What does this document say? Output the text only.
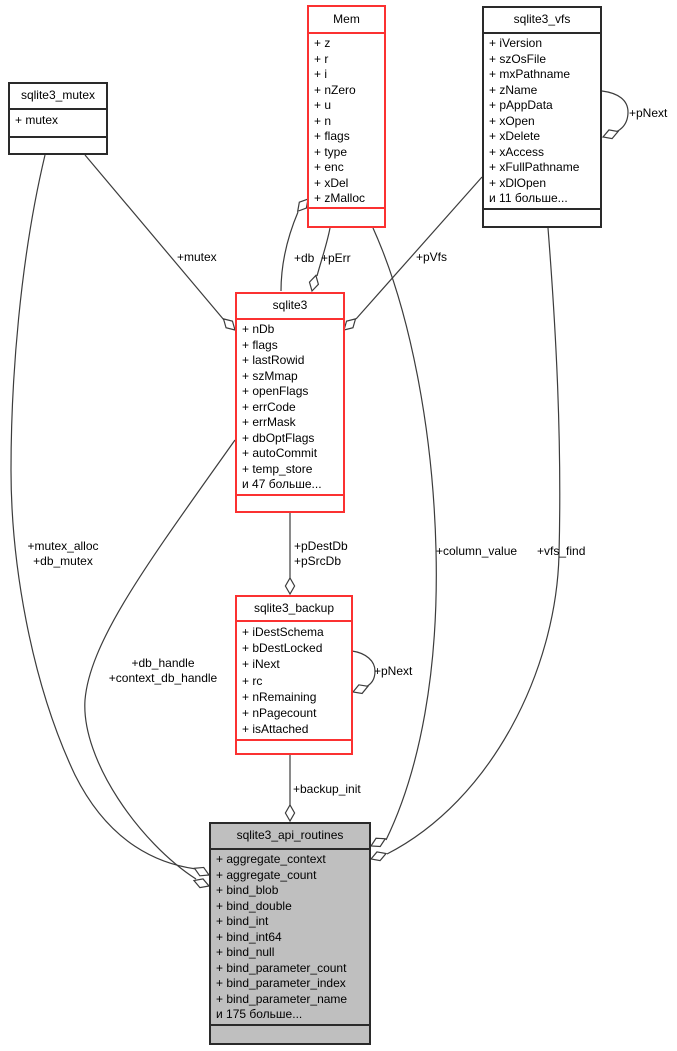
sqlite3_mutex
+ mutex
Mem
+ z
+ r
+ i
+ nZero
+ u
+ n
+ flags
+ type
+ enc
+ xDel
+ zMalloc
sqlite3_vfs
+ iVersion
+ szOsFile
+ mxPathname
+ zName
+ pAppData
+ xOpen
+ xDelete
+ xAccess
+ xFullPathname
+ xDlOpen
и 11 больше...
sqlite3
+ nDb
+ flags
+ lastRowid
+ szMmap
+ openFlags
+ errCode
+ errMask
+ dbOptFlags
+ autoCommit
+ temp_store
и 47 больше...
sqlite3_backup
+ iDestSchema
+ bDestLocked
+ iNext
+ rc
+ nRemaining
+ nPagecount
+ isAttached
sqlite3_api_routines
+ aggregate_context
+ aggregate_count
+ bind_blob
+ bind_double
+ bind_int
+ bind_int64
+ bind_null
+ bind_parameter_count
+ bind_parameter_index
+ bind_parameter_name
и 175 больше...
+mutex	+db +pErr	+pVfs
+pNext
+pDestDb
+pSrcDb
+pNext
+backup_init
+mutex_alloc
+db_mutex
+db_handle
+context_db_handle
+column_value +vfs_find
